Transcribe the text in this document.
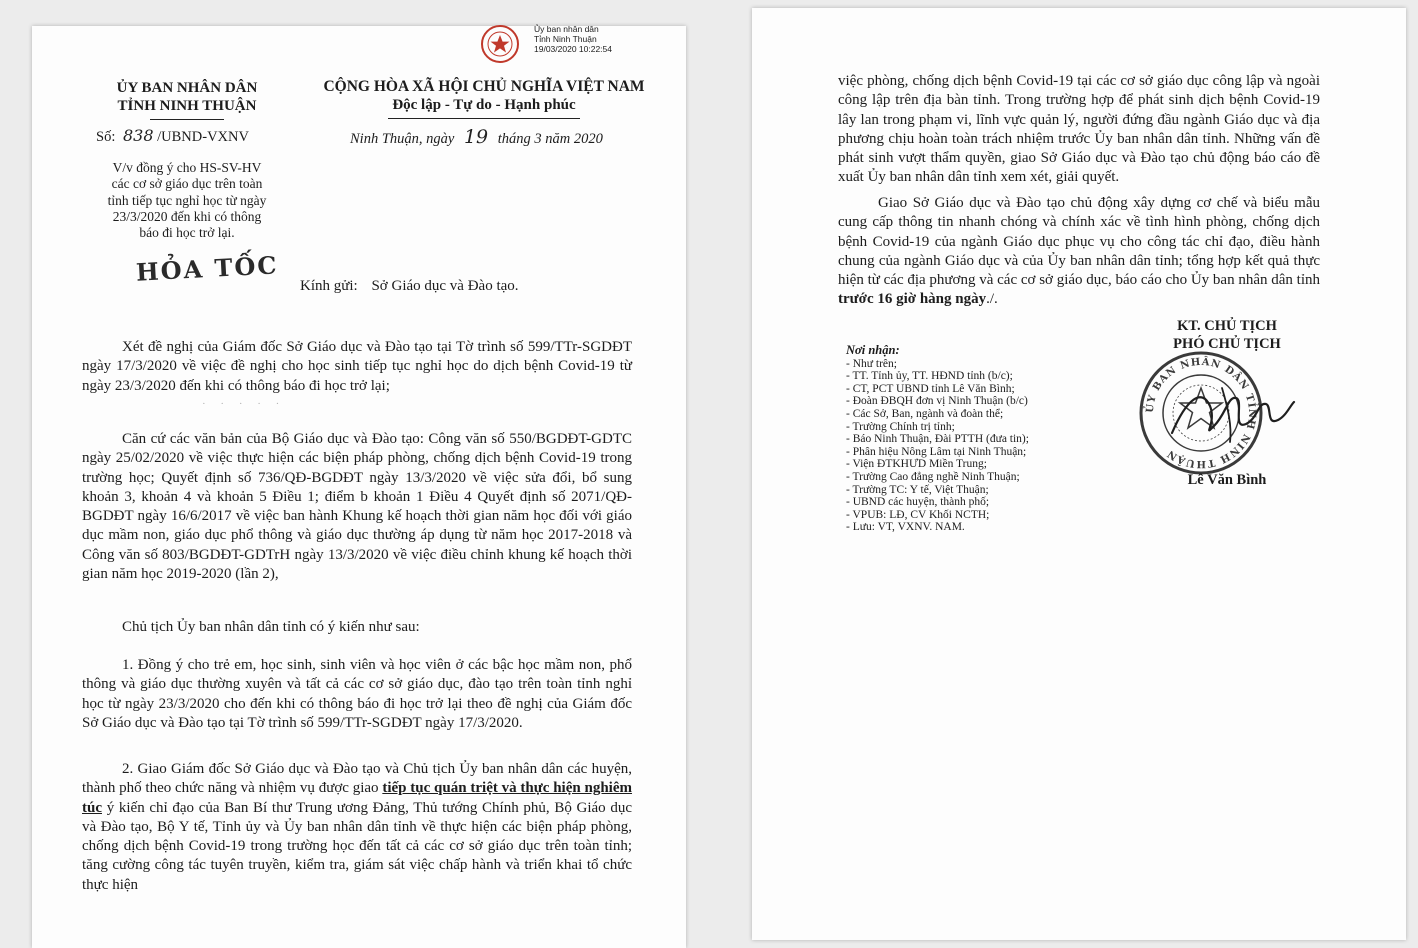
Ủy ban nhân dân
Tỉnh Ninh Thuận
19/03/2020 10:22:54
ỦY BAN NHÂN DÂN
TỈNH NINH THUẬN
CỘNG HÒA XÃ HỘI CHỦ NGHĨA VIỆT NAM
Độc lập - Tự do - Hạnh phúc
Số: 838 /UBND-VXNV	Ninh Thuận, ngày 19 tháng 3 năm 2020
V/v đồng ý cho HS-SV-HV
các cơ sở giáo dục trên toàn
tỉnh tiếp tục nghỉ học từ ngày
23/3/2020 đến khi có thông
báo đi học trở lại.
HỎA TỐC Kính gửi: Sở Giáo dục và Đào tạo.
Xét đề nghị của Giám đốc Sở Giáo dục và Đào tạo tại Tờ trình số 599/TTr-SGDĐT ngày 17/3/2020 về việc đề nghị cho học sinh tiếp tục nghỉ học do dịch bệnh Covid-19 từ ngày 23/3/2020 đến khi có thông báo đi học trở lại;
· · · · ·
Căn cứ các văn bản của Bộ Giáo dục và Đào tạo: Công văn số 550/BGDĐT-GDTC ngày 25/02/2020 về việc thực hiện các biện pháp phòng, chống dịch bệnh Covid-19 trong trường học; Quyết định số 736/QĐ-BGDĐT ngày 13/3/2020 về việc sửa đổi, bổ sung khoản 3, khoản 4 và khoản 5 Điều 1; điểm b khoản 1 Điều 4 Quyết định số 2071/QĐ-BGDĐT ngày 16/6/2017 về việc ban hành Khung kế hoạch thời gian năm học đối với giáo dục mầm non, giáo dục phổ thông và giáo dục thường áp dụng từ năm học 2017-2018 và Công văn số 803/BGDĐT-GDTrH ngày 13/3/2020 về việc điều chỉnh khung kế hoạch thời gian năm học 2019-2020 (lần 2),
Chủ tịch Ủy ban nhân dân tỉnh có ý kiến như sau:
1. Đồng ý cho trẻ em, học sinh, sinh viên và học viên ở các bậc học mầm non, phổ thông và giáo dục thường xuyên và tất cả các cơ sở giáo dục, đào tạo trên toàn tỉnh nghỉ học từ ngày 23/3/2020 cho đến khi có thông báo đi học trở lại theo đề nghị của Giám đốc Sở Giáo dục và Đào tạo tại Tờ trình số 599/TTr-SGDĐT ngày 17/3/2020.
2. Giao Giám đốc Sở Giáo dục và Đào tạo và Chủ tịch Ủy ban nhân dân các huyện, thành phố theo chức năng và nhiệm vụ được giao tiếp tục quán triệt và thực hiện nghiêm túc ý kiến chỉ đạo của Ban Bí thư Trung ương Đảng, Thủ tướng Chính phủ, Bộ Giáo dục và Đào tạo, Bộ Y tế, Tỉnh ủy và Ủy ban nhân dân tỉnh về thực hiện các biện pháp phòng, chống dịch bệnh Covid-19 trong trường học đến tất cả các cơ sở giáo dục trên toàn tỉnh; tăng cường công tác tuyên truyền, kiểm tra, giám sát việc chấp hành và triển khai tổ chức thực hiện
việc phòng, chống dịch bệnh Covid-19 tại các cơ sở giáo dục công lập và ngoài công lập trên địa bàn tỉnh. Trong trường hợp để phát sinh dịch bệnh Covid-19 lây lan trong phạm vi, lĩnh vực quản lý, người đứng đầu ngành Giáo dục và địa phương chịu hoàn toàn trách nhiệm trước Ủy ban nhân dân tỉnh. Những vấn đề phát sinh vượt thẩm quyền, giao Sở Giáo dục và Đào tạo chủ động báo cáo đề xuất Ủy ban nhân dân tỉnh xem xét, giải quyết.
Giao Sở Giáo dục và Đào tạo chủ động xây dựng cơ chế và biểu mẫu cung cấp thông tin nhanh chóng và chính xác về tình hình phòng, chống dịch bệnh Covid-19 của ngành Giáo dục phục vụ cho công tác chỉ đạo, điều hành chung của ngành Giáo dục và của Ủy ban nhân dân tỉnh; tổng hợp kết quả thực hiện từ các địa phương và các cơ sở giáo dục, báo cáo cho Ủy ban nhân dân tỉnh trước 16 giờ hàng ngày./.
Nơi nhận:
- Như trên;
- TT. Tỉnh ủy, TT. HĐND tỉnh (b/c);
- CT, PCT UBND tỉnh Lê Văn Bình;
- Đoàn ĐBQH đơn vị Ninh Thuận (b/c)
- Các Sở, Ban, ngành và đoàn thể;
- Trường Chính trị tỉnh;
- Báo Ninh Thuận, Đài PTTH (đưa tin);
- Phân hiệu Nông Lâm tại Ninh Thuận;
- Viện ĐTKHƯD Miền Trung;
- Trường Cao đẳng nghề Ninh Thuận;
- Trường TC: Y tế, Việt Thuận;
- UBND các huyện, thành phố;
- VPUB: LĐ, CV Khối NCTH;
- Lưu: VT, VXNV. NAM.
KT. CHỦ TỊCH
PHÓ CHỦ TỊCH
ỦY BAN NHÂN DÂN TỈNH NINH THUẬN
Lê Văn Bình
